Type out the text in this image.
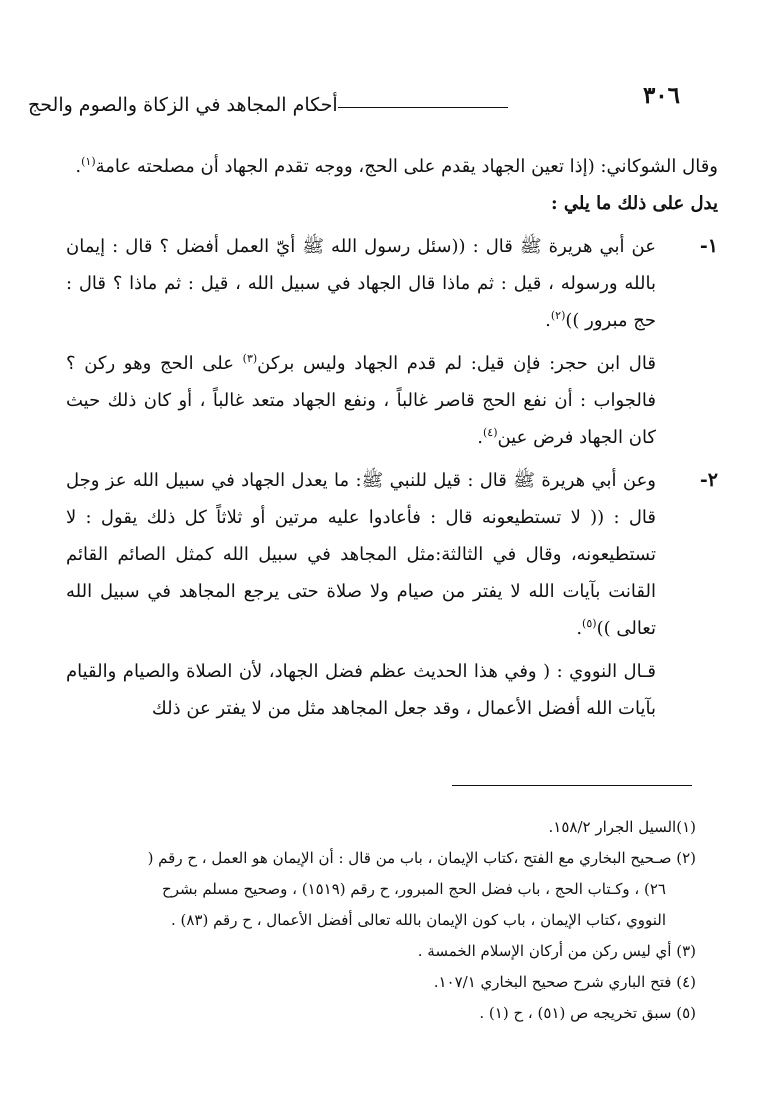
٣٠٦
أحكام المجاهد في الزكاة والصوم والحج

وقال الشوكاني: (إذا تعين الجهاد يقدم على الحج، ووجه تقدم الجهاد أن مصلحته عامة$^{(١)}$.

يدل على ذلك ما يلي :

١-

عن أبي هريرة ﷺ قال : ((سئل رسول الله ﷺ أيّ العمل أفضل ؟ قال : إيمان بالله ورسوله ، قيل : ثم ماذا قال الجهاد في سبيل الله ، قيل : ثم ماذا ؟ قال : حج مبرور ))$^{(٢)}$.

قال ابن حجر: فإن قيل: لم قدم الجهاد وليس بركن$^{(٣)}$ على الحج وهو ركن ؟ فالجواب : أن نفع الحج قاصر غالباً ، ونفع الجهاد متعد غالباً ، أو كان ذلك حيث كان الجهاد فرض عين$^{(٤)}$.

٢-

وعن أبي هريرة ﷺ قال : قيل للنبي ﷺ: ما يعدل الجهاد في سبيل الله عز وجل قال : (( لا تستطيعونه قال : فأعادوا عليه مرتين أو ثلاثاً كل ذلك يقول : لا تستطيعونه، وقال في الثالثة:مثل المجاهد في سبيل الله كمثل الصائم القائم القانت بآيات الله لا يفتر من صيام ولا صلاة حتى يرجع المجاهد في سبيل الله تعالى ))$^{(٥)}$.

قـال النووي : ( وفي هذا الحديث عظم فضل الجهاد، لأن الصلاة والصيام والقيام بآيات الله أفضل الأعمال ، وقد جعل المجاهد مثل من لا يفتر عن ذلك

(١)السيل الجرار ١٥٨/٢.

(٢) صـحيح البخاري مع الفتح ،كتاب الإيمان ، باب من قال : أن الإيمان هو العمل ، ح رقم (

٢٦) ، وكـتاب الحج ، باب فضل الحج المبرور، ح رقم (١٥١٩) ، وصحيح مسلم بشرح

النووي ،كتاب الإيمان ، باب كون الإيمان بالله تعالى أفضل الأعمال ، ح رقم (٨٣) .

(٣) أي ليس ركن من أركان الإسلام الخمسة .

(٤) فتح الباري شرح صحيح البخاري ١٠٧/١.

(٥) سبق تخريجه ص (٥١) ، ح (١) .
